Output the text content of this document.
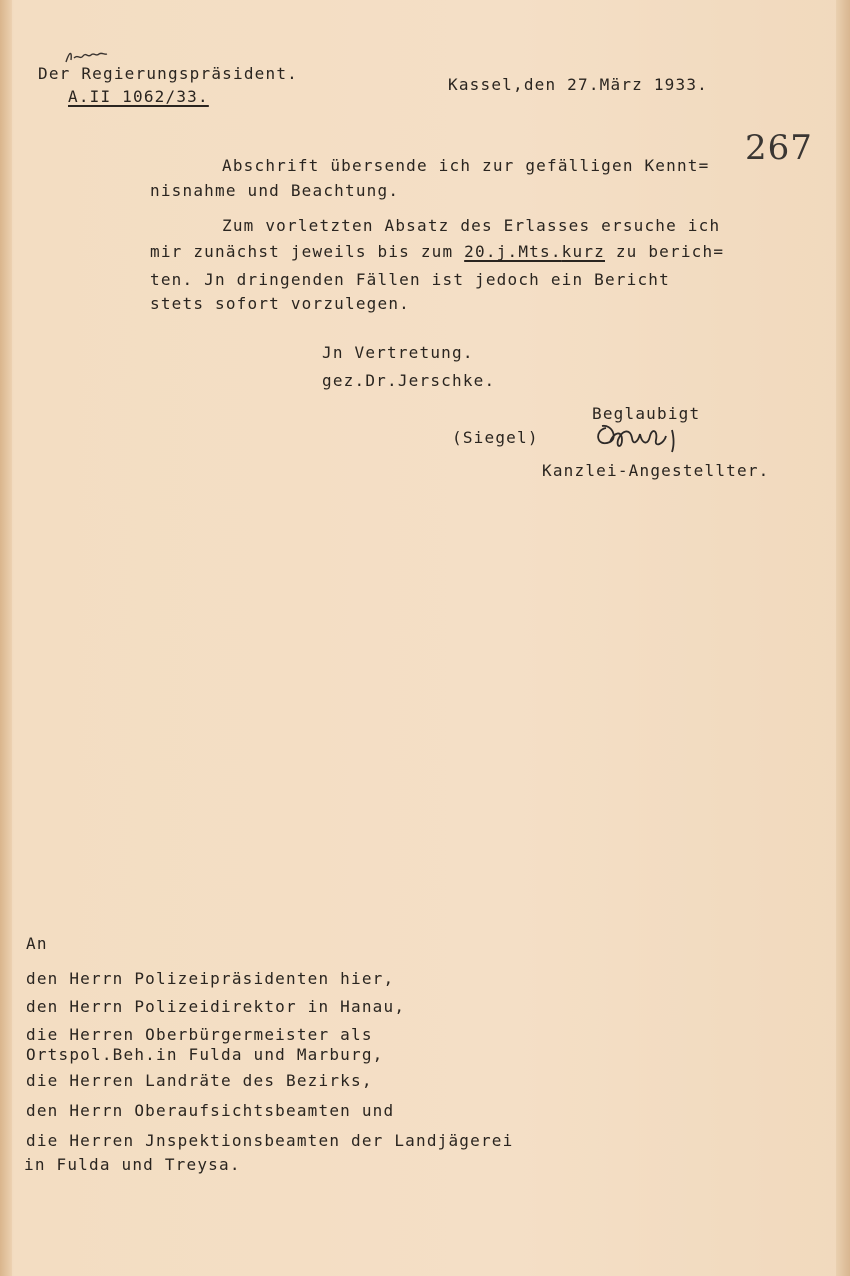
Der Regierungspräsident.
A.II 1062/33.
Kassel,den 27.März 1933.
267
Abschrift übersende ich zur gefälligen Kennt=
nisnahme und Beachtung.
Zum vorletzten Absatz des Erlasses ersuche ich
mir zunächst jeweils bis zum 20.j.Mts.kurz zu berich=
ten. Jn dringenden Fällen ist jedoch ein Bericht
stets sofort vorzulegen.
Jn Vertretung.
gez.Dr.Jerschke.
Beglaubigt
(Siegel)
Kanzlei-Angestellter.
An
den Herrn Polizeipräsidenten hier,
den Herrn Polizeidirektor in Hanau,
die Herren Oberbürgermeister als
Ortspol.Beh.in Fulda und Marburg,
die Herren Landräte des Bezirks,
den Herrn Oberaufsichtsbeamten und
die Herren Jnspektionsbeamten der Landjägerei
in Fulda und Treysa.
